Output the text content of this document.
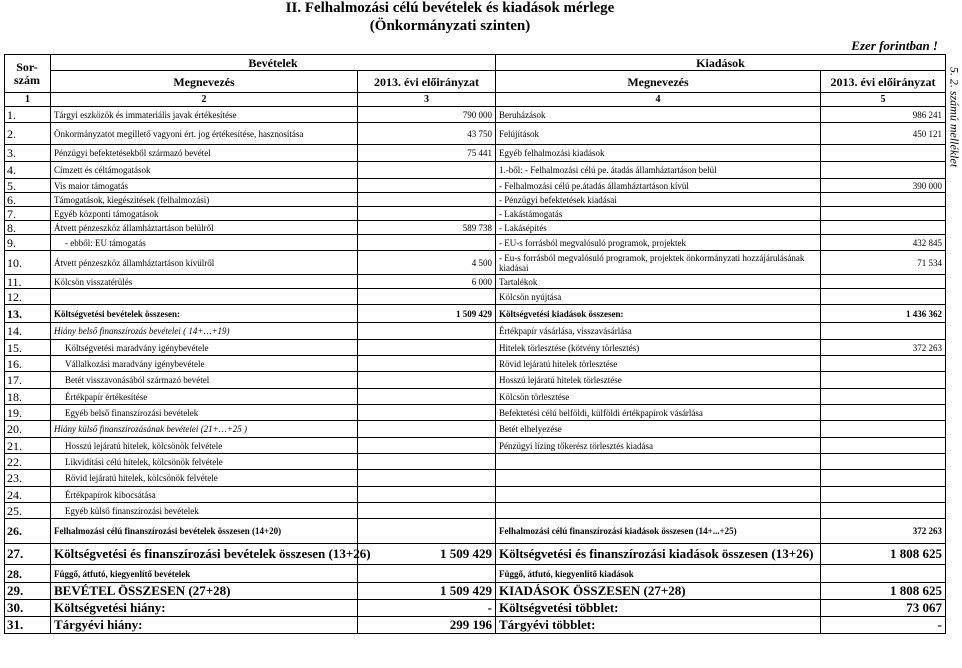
II. Felhalmozási célú bevételek és kiadások mérlege
(Önkormányzati szinten)
Ezer forintban !
5. 2. számú melléklet
Sor-
szám	Bevételek		Kiadások	
	Megnevezés	2013. évi előirányzat	Megnevezés	2013. évi előirányzat
1	2	3	4	5
1.	Tárgyi eszközök és immateriális javak értékesítése	790 000	Beruházások	986 241
2.	Önkormányzatot megillető vagyoni ért. jog értékesítése, hasznosítása	43 750	Felújítások	450 121
3.	Pénzügyi befektetésekből származó bevétel	75 441	Egyéb felhalmozási kiadások	
4.	Címzett és céltámogatások		1.-ből: - Felhalmozási célú pe. átadás államháztartáson belül	
5.	Vis maior támogatás		- Felhalmozási célú pe.átadás államháztartáson kívül	390 000
6.	Támogatások, kiegészítések (felhalmozási)		- Pénzügyi befektetések kiadásai	
7.	Egyéb központi támogatások		- Lakástámogatás	
8.	Átvett pénzeszköz államháztartáson belülről	589 738	- Lakásépítés	
9.	- ebből: EU támogatás		- EU-s forrásból megvalósuló programok, projektek	432 845
10.	Átvett pénzeszköz államháztartáson kívülről	4 500	- Eu-s forrásból megvalósuló programok, projektek önkormányzati hozzájárulásának kiadásai	71 534
11.	Kölcsön visszatérülés	6 000	Tartalékok	
12.			Kölcsön nyújtása	
13.	Költségvetési bevételek összesen:	1 509 429	Költségvetési kiadások összesen:	1 436 362
14.	Hiány belső finanszírozás bevételei ( 14+…+19)		Értékpapír vásárlása, visszavásárlása	
15.	Költségvetési maradvány igénybevétele		Hitelek törlesztése (kötvény törlesztés)	372 263
16.	Vállalkozási maradvány igénybevétele		Rövid lejáratú hitelek törlesztése	
17.	Betét visszavonásából származó bevétel		Hosszú lejáratú hitelek törlesztése	
18.	Értékpapír értékesítése		Kölcsön törlesztése	
19.	Egyéb belső finanszírozási bevételek		Befektetési célú belföldi, külföldi értékpapírok vásárlása	
20.	Hiány külső finanszírozásának bevételei (21+…+25 )		Betét elhelyezése	
21.	Hosszú lejáratú hitelek, kölcsönök felvétele		Pénzügyi lízing tőkerész törlesztés kiadása	
22.	Likviditási célú hitelek, kölcsönök felvétele			
23.	Rövid lejáratú hitelek, kölcsönök felvétele			
24.	Értékpapírok kibocsátása			
25.	Egyéb külső finanszírozási bevételek			
26.	Felhalmozási célú finanszírozási bevételek összesen (14+20)		Felhalmozási célú finanszírozási kiadások összesen (14+...+25)	372 263
27.	Költségvetési és finanszírozási bevételek összesen (13+26)	1 509 429	Költségvetési és finanszírozási kiadások összesen (13+26)	1 808 625
28.	Függő, átfutó, kiegyenlítő bevételek		Függő, átfutó, kiegyenlítő kiadások	
29.	BEVÉTEL ÖSSZESEN (27+28)	1 509 429	KIADÁSOK ÖSSZESEN (27+28)	1 808 625
30.	Költségvetési hiány:	-	Költségvetési többlet:	73 067
31.	Tárgyévi hiány:	299 196	Tárgyévi többlet:	-
